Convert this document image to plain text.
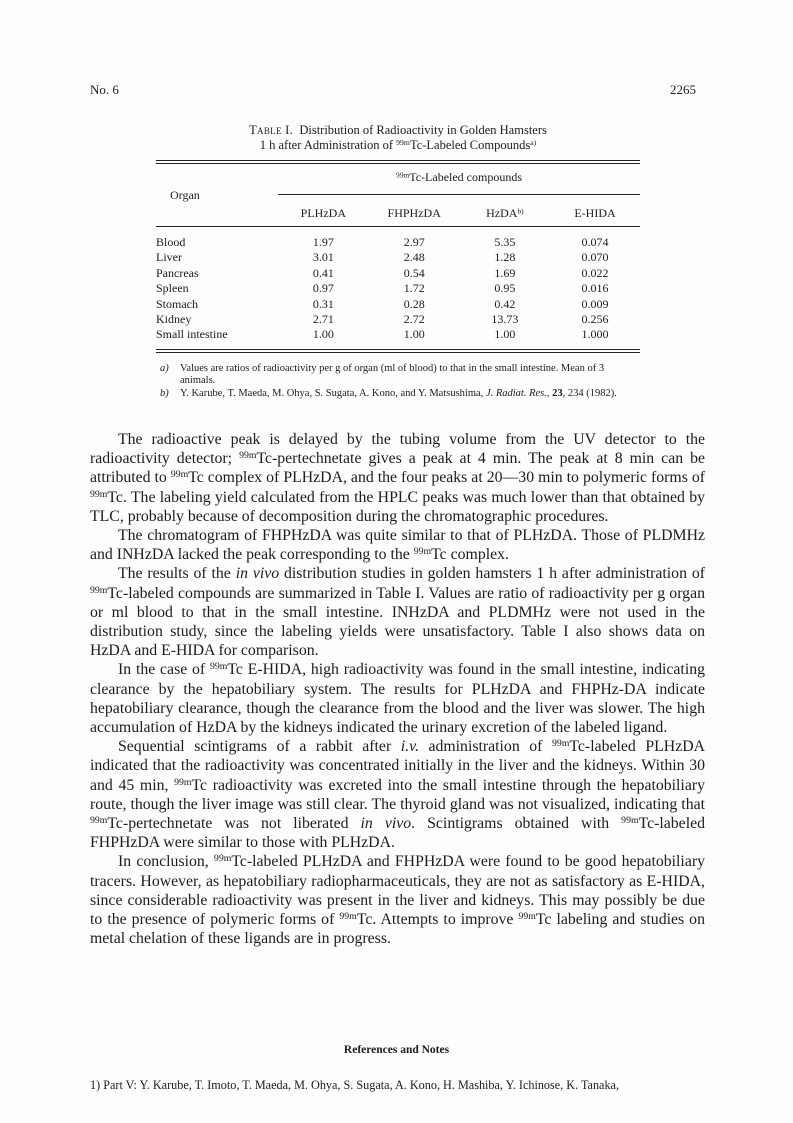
No. 6	2265
Table I. Distribution of Radioactivity in Golden Hamsters
1 h after Administration of $^{99m}$Tc-Labeled Compounds$^{a)}$
Organ	$^{99m}$Tc-Labeled compounds			

	PLHzDA	FHPHzDA	HzDA$^{b)}$	E-HIDA

Blood	1.97	2.97	5.35	0.074
Liver	3.01	2.48	1.28	0.070
Pancreas	0.41	0.54	1.69	0.022
Spleen	0.97	1.72	0.95	0.016
Stomach	0.31	0.28	0.42	0.009
Kidney	2.71	2.72	13.73	0.256
Small intestine	1.00	1.00	1.00	1.000
a)	Values are ratios of radioactivity per g of organ (ml of blood) to that in the small intestine. Mean of 3 animals.
b)	Y. Karube, T. Maeda, M. Ohya, S. Sugata, A. Kono, and Y. Matsushima, J. Radiat. Res., 23, 234 (1982).

The radioactive peak is delayed by the tubing volume from the UV detector to the radioactivity detector; $^{99m}$Tc-pertechnetate gives a peak at 4 min. The peak at 8 min can be attributed to $^{99m}$Tc complex of PLHzDA, and the four peaks at 20—30 min to polymeric forms of $^{99m}$Tc. The labeling yield calculated from the HPLC peaks was much lower than that obtained by TLC, probably because of decomposition during the chromatographic procedures.

The chromatogram of FHPHzDA was quite similar to that of PLHzDA. Those of PLDMHz and INHzDA lacked the peak corresponding to the $^{99m}$Tc complex.

The results of the in vivo distribution studies in golden hamsters 1 h after administration of $^{99m}$Tc-labeled compounds are summarized in Table I. Values are ratio of radioactivity per g organ or ml blood to that in the small intestine. INHzDA and PLDMHz were not used in the distribution study, since the labeling yields were unsatisfactory. Table I also shows data on HzDA and E-HIDA for comparison.

In the case of $^{99m}$Tc E-HIDA, high radioactivity was found in the small intestine, indicating clearance by the hepatobiliary system. The results for PLHzDA and FHPHz-DA indicate hepatobiliary clearance, though the clearance from the blood and the liver was slower. The high accumulation of HzDA by the kidneys indicated the urinary excretion of the labeled ligand.

Sequential scintigrams of a rabbit after i.v. administration of $^{99m}$Tc-labeled PLHzDA indicated that the radioactivity was concentrated initially in the liver and the kidneys. Within 30 and 45 min, $^{99m}$Tc radioactivity was excreted into the small intestine through the hepatobiliary route, though the liver image was still clear. The thyroid gland was not visualized, indicating that $^{99m}$Tc-pertechnetate was not liberated in vivo. Scintigrams obtained with $^{99m}$Tc-labeled FHPHzDA were similar to those with PLHzDA.

In conclusion, $^{99m}$Tc-labeled PLHzDA and FHPHzDA were found to be good hepatobiliary tracers. However, as hepatobiliary radiopharmaceuticals, they are not as satisfactory as E-HIDA, since considerable radioactivity was present in the liver and kidneys. This may possibly be due to the presence of polymeric forms of $^{99m}$Tc. Attempts to improve $^{99m}$Tc labeling and studies on metal chelation of these ligands are in progress.

References and Notes
1) Part V: Y. Karube, T. Imoto, T. Maeda, M. Ohya, S. Sugata, A. Kono, H. Mashiba, Y. Ichinose, K. Tanaka,
